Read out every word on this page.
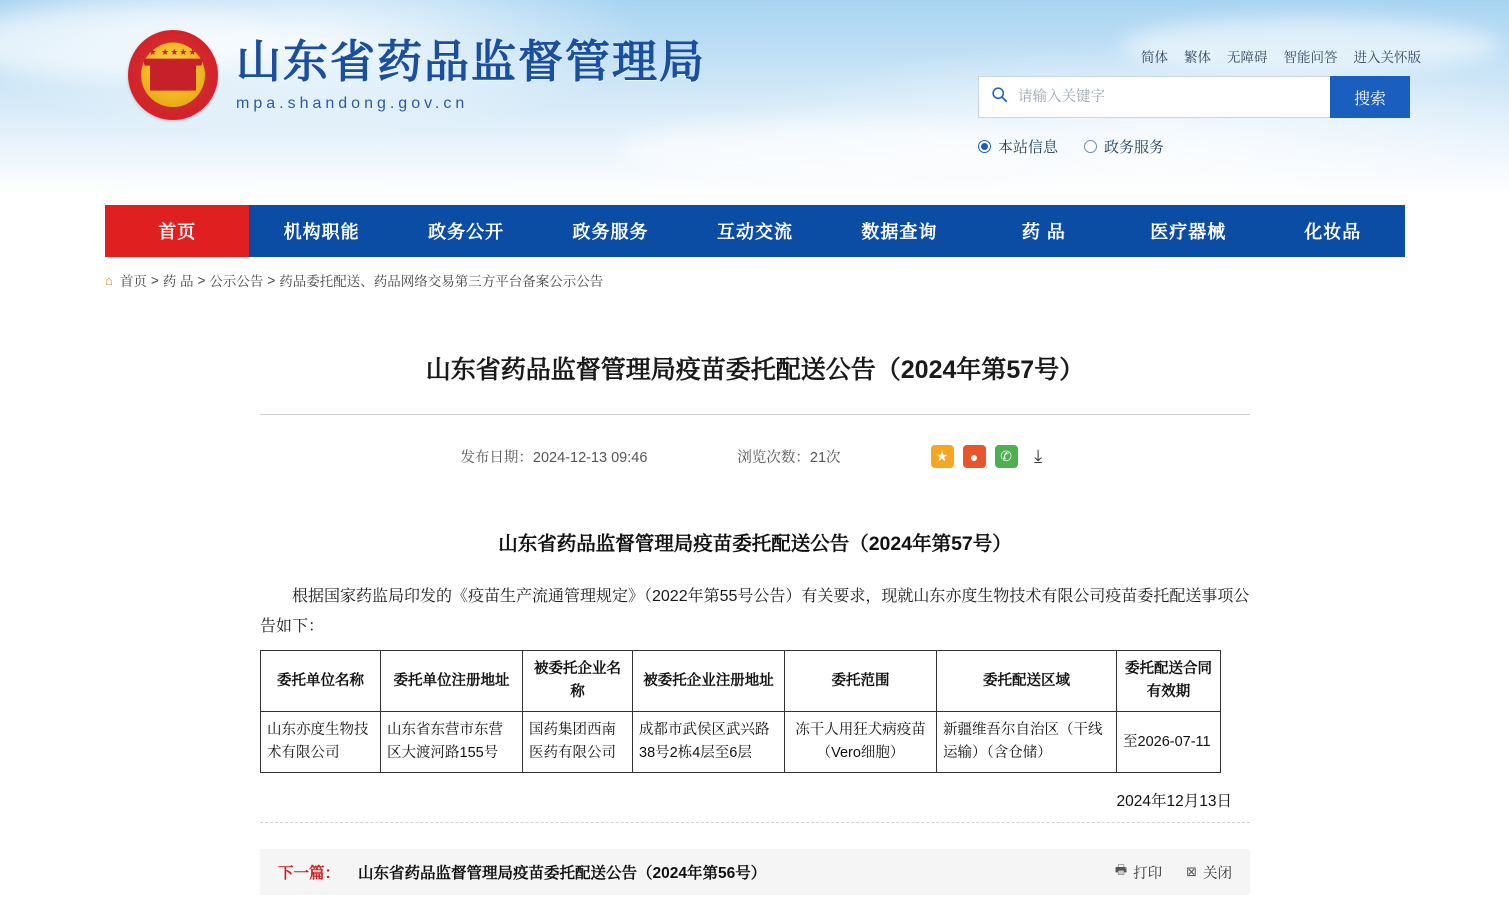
★ ★★★★ 山东省药品监督管理局
mpa.shandong.gov.cn
简体 繁体 无障碍 智能问答 进入关怀版
请输入关键字
搜索
本站信息	政务服务
首页	机构职能	政务公开	政务服务	互动交流	数据查询	药 品	医疗器械	化妆品
⌂ 首页 > 药 品 > 公示公告 > 药品委托配送、药品网络交易第三方平台备案公示公告
山东省药品监督管理局疫苗委托配送公告（2024年第57号）
发布日期：2024-12-13 09:46	浏览次数：21次	★	●	✆	⤓
山东省药品监督管理局疫苗委托配送公告（2024年第57号）
根据国家药监局印发的《疫苗生产流通管理规定》（2022年第55号公告）有关要求，现就山东亦度生物技术有限公司疫苗委托配送事项公告如下：
委托单位名称	委托单位注册地址	被委托企业名称	被委托企业注册地址	委托范围	委托配送区域	委托配送合同有效期
山东亦度生物技术有限公司	山东省东营市东营区大渡河路155号	国药集团西南医药有限公司	成都市武侯区武兴路38号2栋4层至6层	冻干人用狂犬病疫苗（Vero细胞）	新疆维吾尔自治区（干线运输）（含仓储）	至2026-07-11
2024年12月13日
下一篇： 山东省药品监督管理局疫苗委托配送公告（2024年第56号）	🖶 打印 ⊠ 关闭
